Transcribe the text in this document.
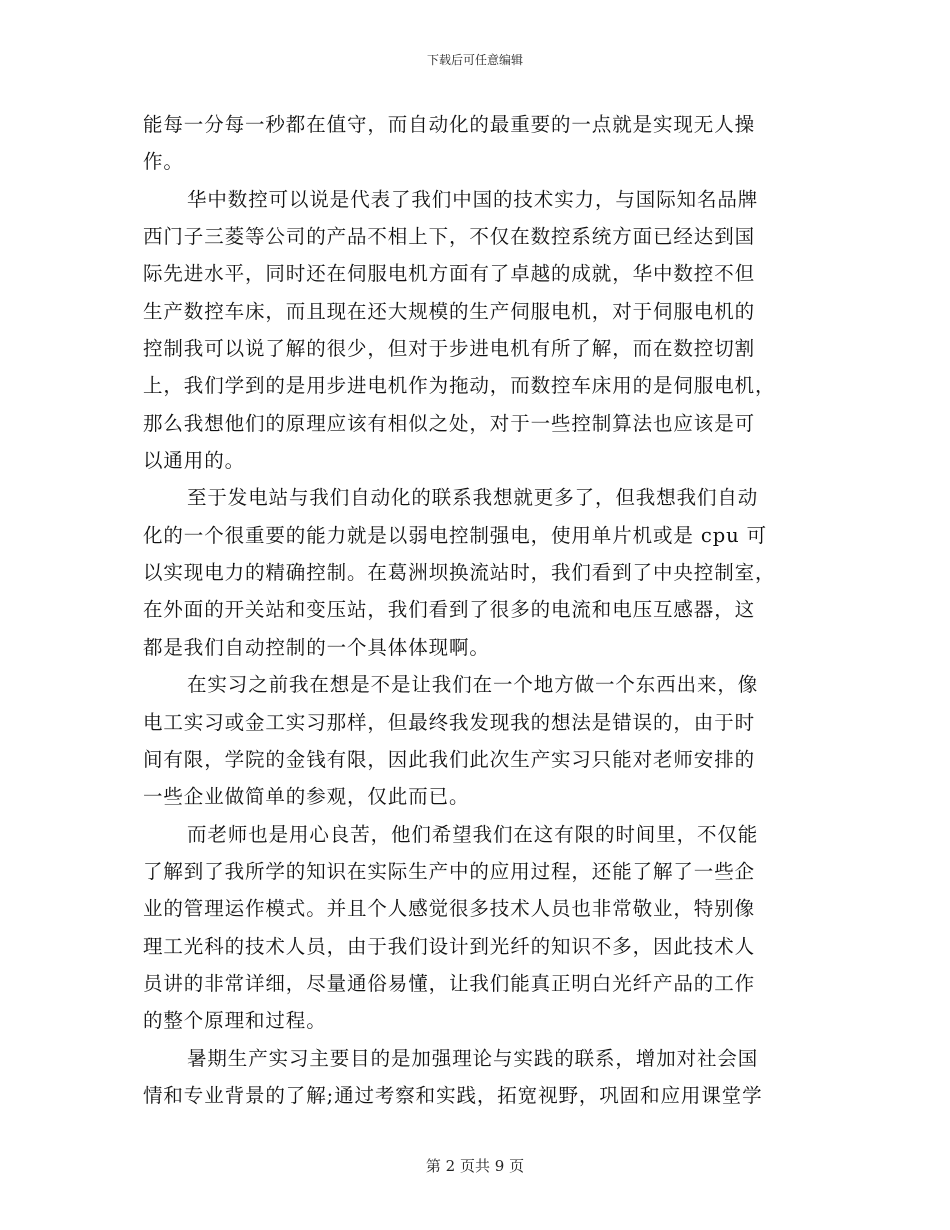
下载后可任意编辑
能每一分每一秒都在值守，而自动化的最重要的一点就是实现无人操
作。
华中数控可以说是代表了我们中国的技术实力，与国际知名品牌
西门子三菱等公司的产品不相上下，不仅在数控系统方面已经达到国
际先进水平，同时还在伺服电机方面有了卓越的成就，华中数控不但
生产数控车床，而且现在还大规模的生产伺服电机，对于伺服电机的
控制我可以说了解的很少，但对于步进电机有所了解，而在数控切割
上，我们学到的是用步进电机作为拖动，而数控车床用的是伺服电机，
那么我想他们的原理应该有相似之处，对于一些控制算法也应该是可
以通用的。
至于发电站与我们自动化的联系我想就更多了，但我想我们自动
化的一个很重要的能力就是以弱电控制强电，使用单片机或是 cpu 可
以实现电力的精确控制。在葛洲坝换流站时，我们看到了中央控制室，
在外面的开关站和变压站，我们看到了很多的电流和电压互感器，这
都是我们自动控制的一个具体体现啊。
在实习之前我在想是不是让我们在一个地方做一个东西出来，像
电工实习或金工实习那样，但最终我发现我的想法是错误的，由于时
间有限，学院的金钱有限，因此我们此次生产实习只能对老师安排的
一些企业做简单的参观，仅此而已。
而老师也是用心良苦，他们希望我们在这有限的时间里，不仅能
了解到了我所学的知识在实际生产中的应用过程，还能了解了一些企
业的管理运作模式。并且个人感觉很多技术人员也非常敬业，特别像
理工光科的技术人员，由于我们设计到光纤的知识不多，因此技术人
员讲的非常详细，尽量通俗易懂，让我们能真正明白光纤产品的工作
的整个原理和过程。
暑期生产实习主要目的是加强理论与实践的联系，增加对社会国
情和专业背景的了解;通过考察和实践，拓宽视野，巩固和应用课堂学
第 2 页共 9 页
